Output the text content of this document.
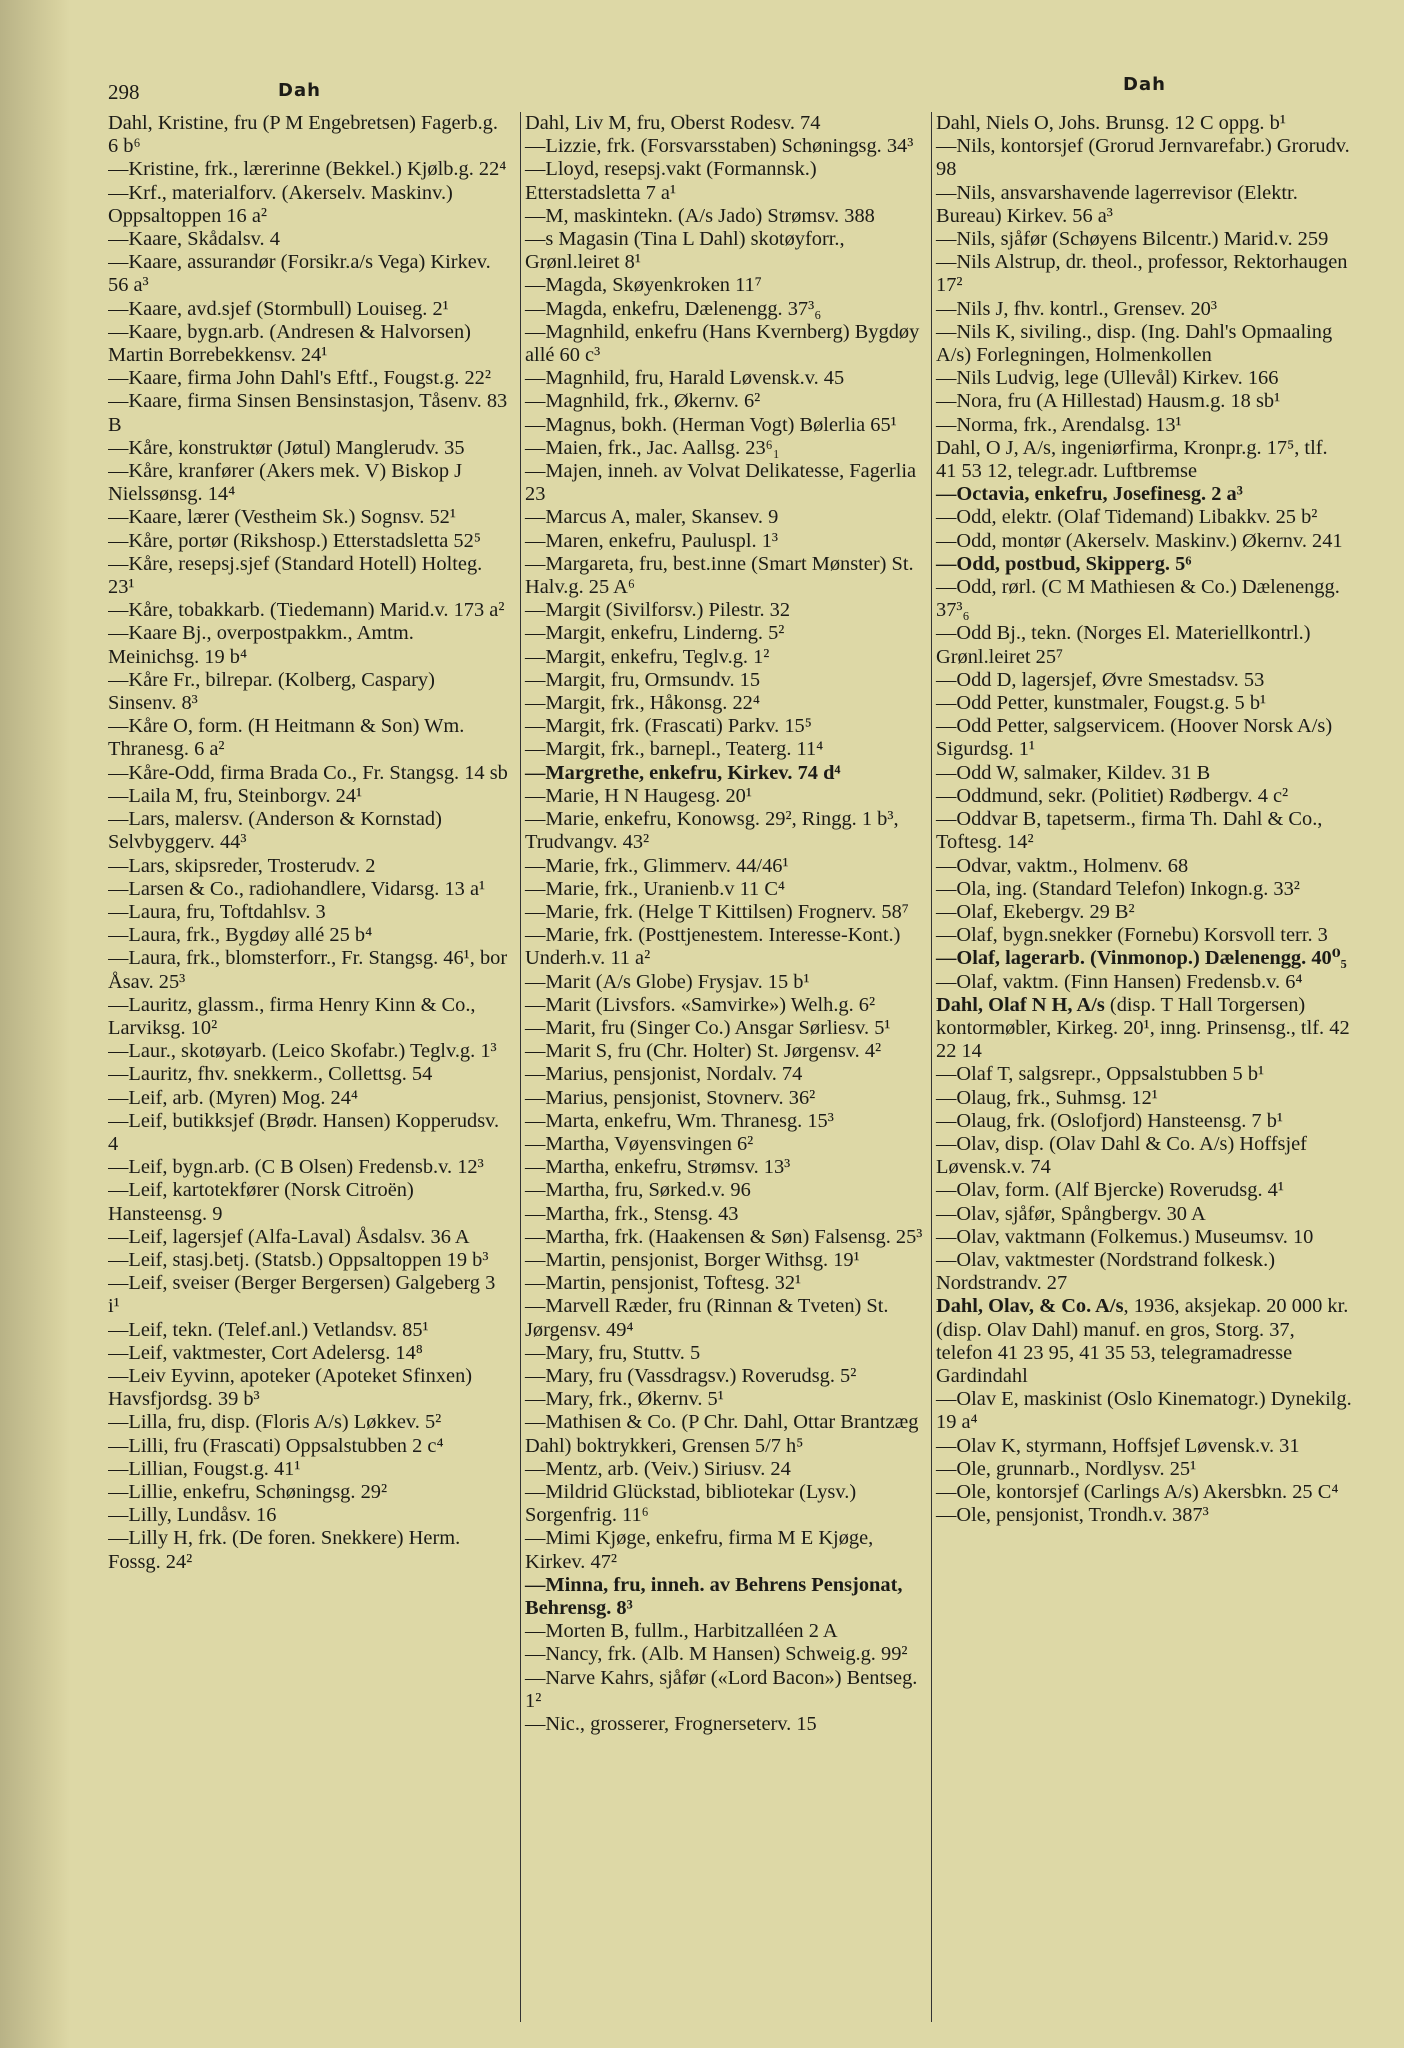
298	Dah	Dah

Dahl, Kristine, fru (P M Engebretsen) Fagerb.g. 6 b⁶

—Kristine, frk., lærerinne (Bekkel.) Kjølb.g. 22⁴

—Krf., materialforv. (Akerselv. Maskinv.) Oppsaltoppen 16 a²

—Kaare, Skådalsv. 4

—Kaare, assurandør (Forsikr.a/s Vega) Kirkev. 56 a³

—Kaare, avd.sjef (Stormbull) Louiseg. 2¹

—Kaare, bygn.arb. (Andresen & Halvorsen) Martin Borrebekkensv. 24¹

—Kaare, firma John Dahl's Eftf., Fougst.g. 22²

—Kaare, firma Sinsen Bensinstasjon, Tåsenv. 83 B

—Kåre, konstruktør (Jøtul) Manglerudv. 35

—Kåre, kranfører (Akers mek. V) Biskop J Nielssønsg. 14⁴

—Kaare, lærer (Vestheim Sk.) Sognsv. 52¹

—Kåre, portør (Rikshosp.) Etterstadsletta 52⁵

—Kåre, resepsj.sjef (Standard Hotell) Holteg. 23¹

—Kåre, tobakkarb. (Tiedemann) Marid.v. 173 a²

—Kaare Bj., overpostpakkm., Amtm. Meinichsg. 19 b⁴

—Kåre Fr., bilrepar. (Kolberg, Caspary) Sinsenv. 8³

—Kåre O, form. (H Heitmann & Son) Wm. Thranesg. 6 a²

—Kåre-Odd, firma Brada Co., Fr. Stangsg. 14 sb

—Laila M, fru, Steinborgv. 24¹

—Lars, malersv. (Anderson & Kornstad) Selvbyggerv. 44³

—Lars, skipsreder, Trosterudv. 2

—Larsen & Co., radiohandlere, Vidarsg. 13 a¹

—Laura, fru, Toftdahlsv. 3

—Laura, frk., Bygdøy allé 25 b⁴

—Laura, frk., blomsterforr., Fr. Stangsg. 46¹, bor Åsav. 25³

—Lauritz, glassm., firma Henry Kinn & Co., Larviksg. 10²

—Laur., skotøyarb. (Leico Skofabr.) Teglv.g. 1³

—Lauritz, fhv. snekkerm., Collettsg. 54

—Leif, arb. (Myren) Mog. 24⁴

—Leif, butikksjef (Brødr. Hansen) Kopperudsv. 4

—Leif, bygn.arb. (C B Olsen) Fredensb.v. 12³

—Leif, kartotekfører (Norsk Citroën) Hansteensg. 9

—Leif, lagersjef (Alfa-Laval) Åsdalsv. 36 A

—Leif, stasj.betj. (Statsb.) Oppsaltoppen 19 b³

—Leif, sveiser (Berger Bergersen) Galgeberg 3 i¹

—Leif, tekn. (Telef.anl.) Vetlandsv. 85¹

—Leif, vaktmester, Cort Adelersg. 14⁸

—Leiv Eyvinn, apoteker (Apoteket Sfinxen) Havsfjordsg. 39 b³

—Lilla, fru, disp. (Floris A/s) Løkkev. 5²

—Lilli, fru (Frascati) Oppsalstubben 2 c⁴

—Lillian, Fougst.g. 41¹

—Lillie, enkefru, Schøningsg. 29²

—Lilly, Lundåsv. 16

—Lilly H, frk. (De foren. Snekkere) Herm. Fossg. 24²

Dahl, Liv M, fru, Oberst Rodesv. 74

—Lizzie, frk. (Forsvarsstaben) Schøningsg. 34³

—Lloyd, resepsj.vakt (Formannsk.) Etterstadsletta 7 a¹

—M, maskintekn. (A/s Jado) Strømsv. 388

—s Magasin (Tina L Dahl) skotøyforr., Grønl.leiret 8¹

—Magda, Skøyenkroken 11⁷

—Magda, enkefru, Dælenengg. 37³₆

—Magnhild, enkefru (Hans Kvernberg) Bygdøy allé 60 c³

—Magnhild, fru, Harald Løvensk.v. 45

—Magnhild, frk., Økernv. 6²

—Magnus, bokh. (Herman Vogt) Bølerlia 65¹

—Maien, frk., Jac. Aallsg. 23⁶₁

—Majen, inneh. av Volvat Delikatesse, Fagerlia 23

—Marcus A, maler, Skansev. 9

—Maren, enkefru, Pauluspl. 1³

—Margareta, fru, best.inne (Smart Mønster) St. Halv.g. 25 A⁶

—Margit (Sivilforsv.) Pilestr. 32

—Margit, enkefru, Linderng. 5²

—Margit, enkefru, Teglv.g. 1²

—Margit, fru, Ormsundv. 15

—Margit, frk., Håkonsg. 22⁴

—Margit, frk. (Frascati) Parkv. 15⁵

—Margit, frk., barnepl., Teaterg. 11⁴

—Margrethe, enkefru, Kirkev. 74 d⁴

—Marie, H N Haugesg. 20¹

—Marie, enkefru, Konowsg. 29², Ringg. 1 b³, Trudvangv. 43²

—Marie, frk., Glimmerv. 44/46¹

—Marie, frk., Uranienb.v 11 C⁴

—Marie, frk. (Helge T Kittilsen) Frognerv. 58⁷

—Marie, frk. (Posttjenestem. Interesse-Kont.) Underh.v. 11 a²

—Marit (A/s Globe) Frysjav. 15 b¹

—Marit (Livsfors. «Samvirke») Welh.g. 6²

—Marit, fru (Singer Co.) Ansgar Sørliesv. 5¹

—Marit S, fru (Chr. Holter) St. Jørgensv. 4²

—Marius, pensjonist, Nordalv. 74

—Marius, pensjonist, Stovnerv. 36²

—Marta, enkefru, Wm. Thranesg. 15³

—Martha, Vøyensvingen 6²

—Martha, enkefru, Strømsv. 13³

—Martha, fru, Sørked.v. 96

—Martha, frk., Stensg. 43

—Martha, frk. (Haakensen & Søn) Falsensg. 25³

—Martin, pensjonist, Borger Withsg. 19¹

—Martin, pensjonist, Toftesg. 32¹

—Marvell Ræder, fru (Rinnan & Tveten) St. Jørgensv. 49⁴

—Mary, fru, Stuttv. 5

—Mary, fru (Vassdragsv.) Roverudsg. 5²

—Mary, frk., Økernv. 5¹

—Mathisen & Co. (P Chr. Dahl, Ottar Brantzæg Dahl) boktrykkeri, Grensen 5/7 h⁵

—Mentz, arb. (Veiv.) Siriusv. 24

—Mildrid Glückstad, bibliotekar (Lysv.) Sorgenfrig. 11⁶

—Mimi Kjøge, enkefru, firma M E Kjøge, Kirkev. 47²

—Minna, fru, inneh. av Behrens Pensjonat, Behrensg. 8³

—Morten B, fullm., Harbitzalléen 2 A

—Nancy, frk. (Alb. M Hansen) Schweig.g. 99²

—Narve Kahrs, sjåfør («Lord Bacon») Bentseg. 1²

—Nic., grosserer, Frognerseterv. 15

Dahl, Niels O, Johs. Brunsg. 12 C oppg. b¹

—Nils, kontorsjef (Grorud Jernvarefabr.) Grorudv. 98

—Nils, ansvarshavende lagerrevisor (Elektr. Bureau) Kirkev. 56 a³

—Nils, sjåfør (Schøyens Bilcentr.) Marid.v. 259

—Nils Alstrup, dr. theol., professor, Rektorhaugen 17²

—Nils J, fhv. kontrl., Grensev. 20³

—Nils K, siviling., disp. (Ing. Dahl's Opmaaling A/s) Forlegningen, Holmenkollen

—Nils Ludvig, lege (Ullevål) Kirkev. 166

—Nora, fru (A Hillestad) Hausm.g. 18 sb¹

—Norma, frk., Arendalsg. 13¹

Dahl, O J, A/s, ingeniørfirma, Kronpr.g. 17⁵, tlf. 41 53 12, telegr.adr. Luftbremse

—Octavia, enkefru, Josefinesg. 2 a³

—Odd, elektr. (Olaf Tidemand) Libakkv. 25 b²

—Odd, montør (Akerselv. Maskinv.) Økernv. 241

—Odd, postbud, Skipperg. 5⁶

—Odd, rørl. (C M Mathiesen & Co.) Dælenengg. 37³₆

—Odd Bj., tekn. (Norges El. Materiellkontrl.) Grønl.leiret 25⁷

—Odd D, lagersjef, Øvre Smestadsv. 53

—Odd Petter, kunstmaler, Fougst.g. 5 b¹

—Odd Petter, salgservicem. (Hoover Norsk A/s) Sigurdsg. 1¹

—Odd W, salmaker, Kildev. 31 B

—Oddmund, sekr. (Politiet) Rødbergv. 4 c²

—Oddvar B, tapetserm., firma Th. Dahl & Co., Toftesg. 14²

—Odvar, vaktm., Holmenv. 68

—Ola, ing. (Standard Telefon) Inkogn.g. 33²

—Olaf, Ekebergv. 29 B²

—Olaf, bygn.snekker (Fornebu) Korsvoll terr. 3

—Olaf, lagerarb. (Vinmonop.) Dælenengg. 40⁰₅

—Olaf, vaktm. (Finn Hansen) Fredensb.v. 6⁴

Dahl, Olaf N H, A/s (disp. T Hall Torgersen) kontormøbler, Kirkeg. 20¹, inng. Prinsensg., tlf. 42 22 14

—Olaf T, salgsrepr., Oppsalstubben 5 b¹

—Olaug, frk., Suhmsg. 12¹

—Olaug, frk. (Oslofjord) Hansteensg. 7 b¹

—Olav, disp. (Olav Dahl & Co. A/s) Hoffsjef Løvensk.v. 74

—Olav, form. (Alf Bjercke) Roverudsg. 4¹

—Olav, sjåfør, Spångbergv. 30 A

—Olav, vaktmann (Folkemus.) Museumsv. 10

—Olav, vaktmester (Nordstrand folkesk.) Nordstrandv. 27

Dahl, Olav, & Co. A/s, 1936, aksjekap. 20 000 kr. (disp. Olav Dahl) manuf. en gros, Storg. 37, telefon 41 23 95, 41 35 53, telegramadresse Gardindahl

—Olav E, maskinist (Oslo Kinematogr.) Dynekilg. 19 a⁴

—Olav K, styrmann, Hoffsjef Løvensk.v. 31

—Ole, grunnarb., Nordlysv. 25¹

—Ole, kontorsjef (Carlings A/s) Akersbkn. 25 C⁴

—Ole, pensjonist, Trondh.v. 387³
